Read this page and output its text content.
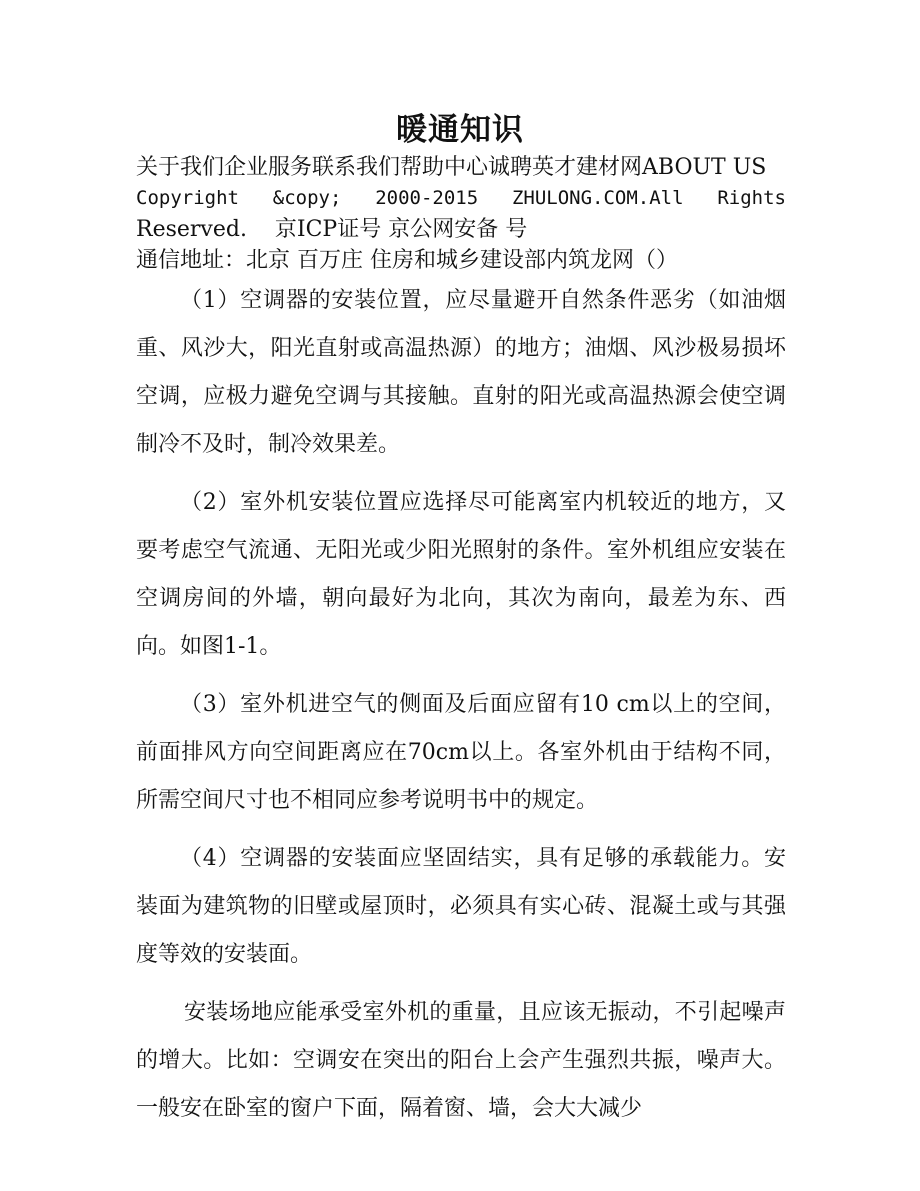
暖通知识
关于我们企业服务联系我们帮助中心诚聘英才建材网ABOUT US
Copyright &copy; 2000-2015 ZHULONG.COM.All Rights
Reserved.    京ICP证号 京公网安备 号
通信地址：北京 百万庄 住房和城乡建设部内筑龙网（）

（1）空调器的安装位置，应尽量避开自然条件恶劣（如油烟重、风沙大，阳光直射或高温热源）的地方；油烟、风沙极易损坏空调，应极力避免空调与其接触。直射的阳光或高温热源会使空调制冷不及时，制冷效果差。

（2）室外机安装位置应选择尽可能离室内机较近的地方，又要考虑空气流通、无阳光或少阳光照射的条件。室外机组应安装在空调房间的外墙，朝向最好为北向，其次为南向，最差为东、西向。如图1-1。

（3）室外机进空气的侧面及后面应留有10 cm以上的空间，前面排风方向空间距离应在70cm以上。各室外机由于结构不同，所需空间尺寸也不相同应参考说明书中的规定。

（4）空调器的安装面应坚固结实，具有足够的承载能力。安装面为建筑物的旧壁或屋顶时，必须具有实心砖、混凝土或与其强度等效的安装面。

安装场地应能承受室外机的重量，且应该无振动，不引起噪声的增大。比如：空调安在突出的阳台上会产生强烈共振，噪声大。一般安在卧室的窗户下面，隔着窗、墙，会大大减少
